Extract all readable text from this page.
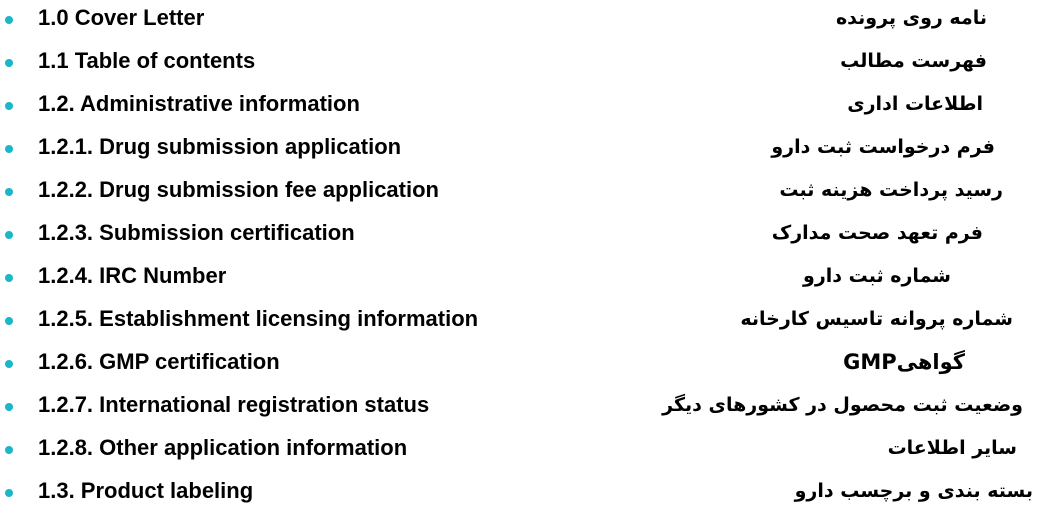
1.0 Cover Letter	نامه روی پرونده
1.1 Table of contents	فهرست مطالب
1.2. Administrative information	اطلاعات اداری
1.2.1. Drug submission application	فرم درخواست ثبت دارو
1.2.2. Drug submission fee application	رسید پرداخت هزینه ثبت
1.2.3. Submission certification	فرم تعهد صحت مدارک
1.2.4. IRC Number	شماره ثبت دارو
1.2.5. Establishment licensing information	شماره پروانه تاسیس کارخانه
1.2.6. GMP certification	گواهیGMP
1.2.7. International registration status	وضعیت ثبت محصول در کشورهای دیگر
1.2.8. Other application information	سایر اطلاعات
1.3. Product labeling	بسته بندی و برچسب دارو
